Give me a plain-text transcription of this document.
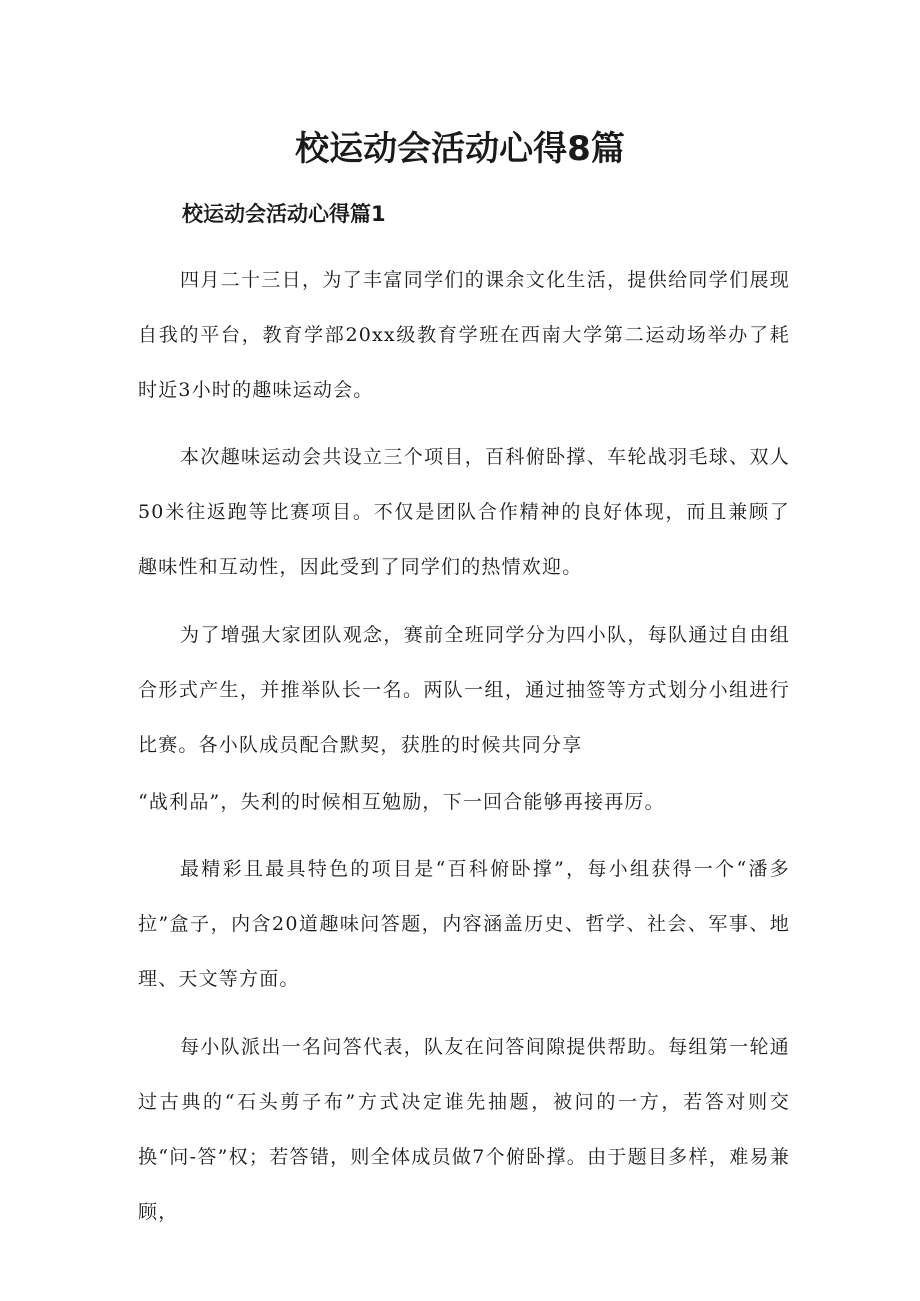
校运动会活动心得8篇
校运动会活动心得篇1

四月二十三日，为了丰富同学们的课余文化生活，提供给同学们展现自我的平台，教育学部20xx级教育学班在西南大学第二运动场举办了耗时近3小时的趣味运动会。

本次趣味运动会共设立三个项目，百科俯卧撑、车轮战羽毛球、双人50米往返跑等比赛项目。不仅是团队合作精神的良好体现，而且兼顾了趣味性和互动性，因此受到了同学们的热情欢迎。

为了增强大家团队观念，赛前全班同学分为四小队，每队通过自由组合形式产生，并推举队长一名。两队一组，通过抽签等方式划分小组进行比赛。各小队成员配合默契，获胜的时候共同分享

“战利品”，失利的时候相互勉励，下一回合能够再接再厉。

最精彩且最具特色的项目是“百科俯卧撑”，每小组获得一个“潘多拉”盒子，内含20道趣味问答题，内容涵盖历史、哲学、社会、军事、地理、天文等方面。

每小队派出一名问答代表，队友在问答间隙提供帮助。每组第一轮通过古典的“石头剪子布”方式决定谁先抽题，被问的一方，若答对则交换“问-答”权；若答错，则全体成员做7个俯卧撑。由于题目多样，难易兼顾，
